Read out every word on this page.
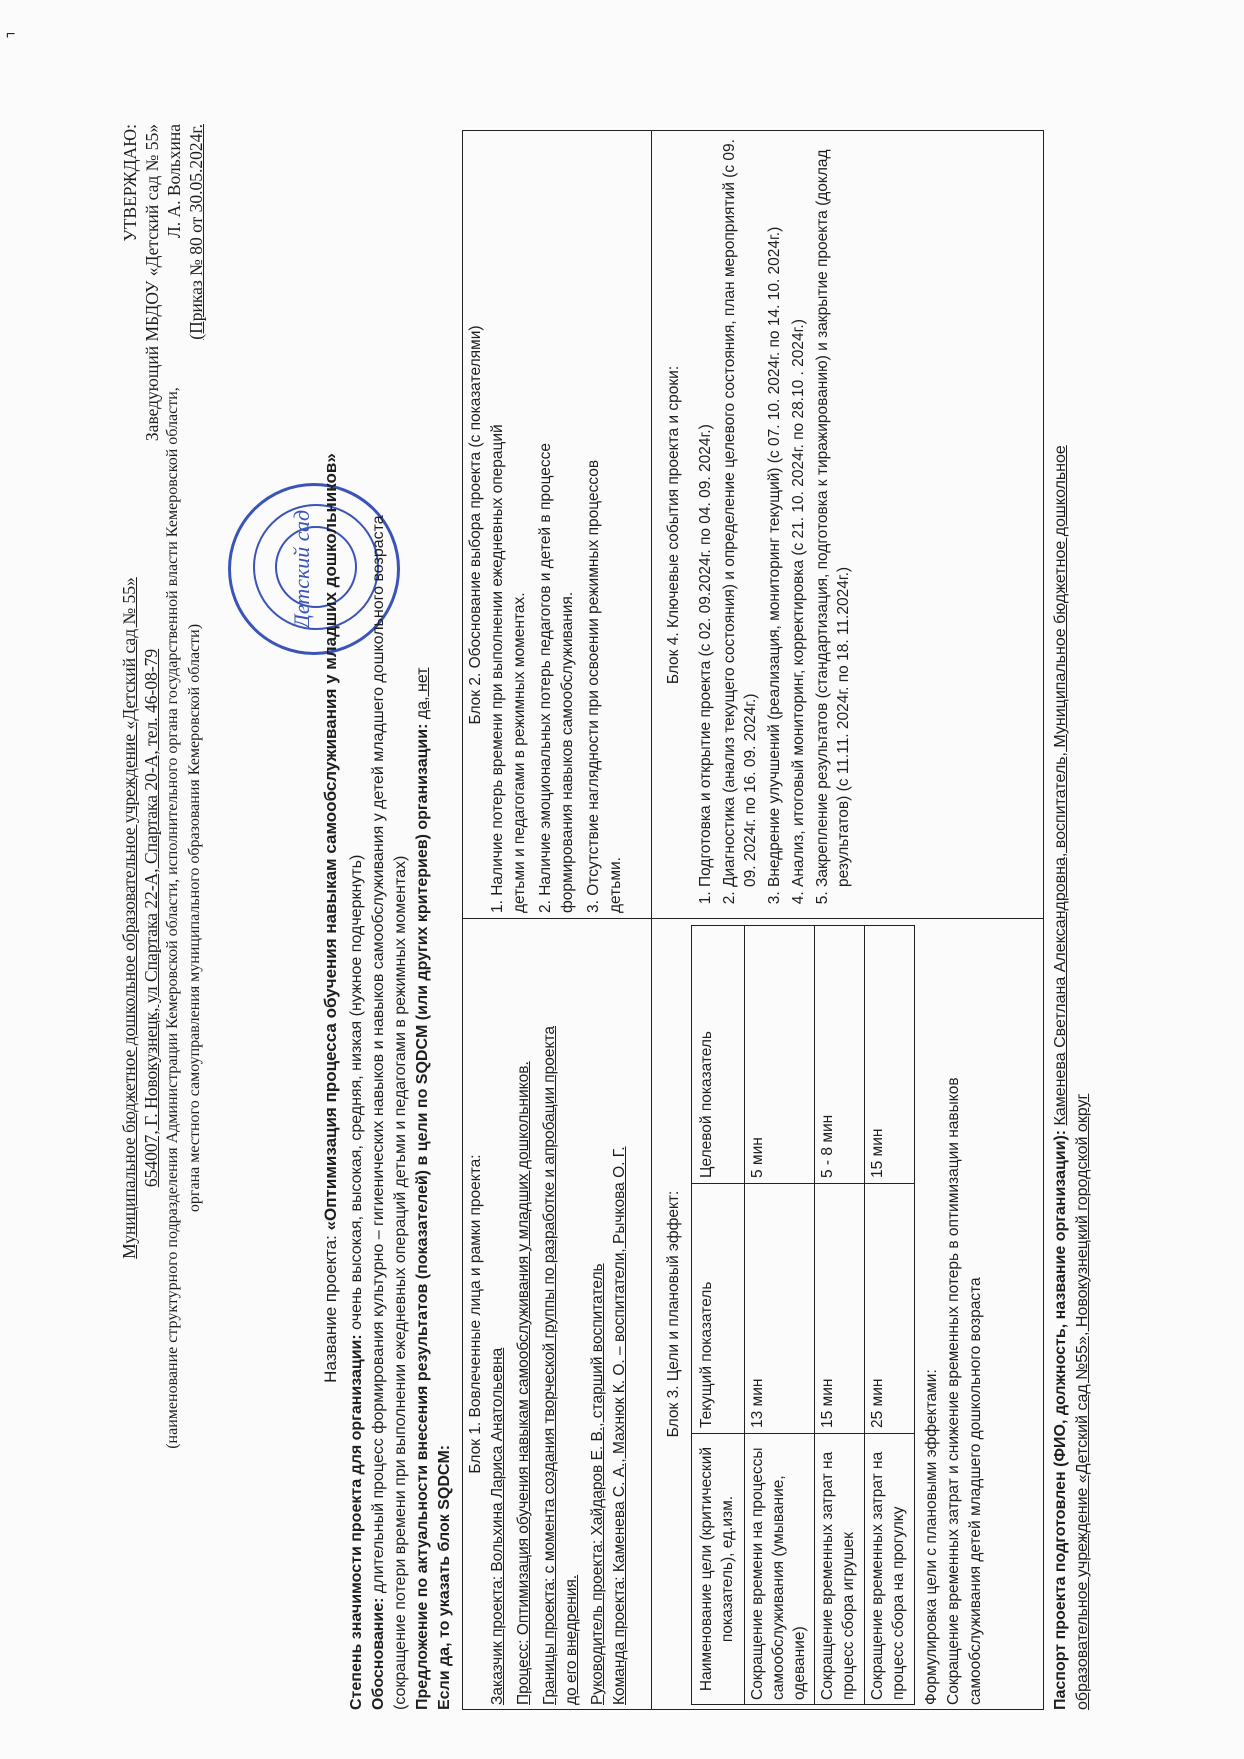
⌐
Муниципальное бюджетное дошкольное образовательное учреждение «Детский сад № 55» 654007, Г. Новокузнецк, ул Спартака 22-А, Спартака 20-А, тел. 46-08-79 (наименование структурного подразделения Администрации Кемеровской области, исполнительного органа государственной власти Кемеровской области, органа местного самоуправления муниципального образования Кемеровской области)
УТВЕРЖДАЮ: Заведующий МБДОУ «Детский сад № 55» Л. А. Вольхина (Приказ № 80 от 30.05.2024г.
Детский сад
Название проекта: «Оптимизация процесса обучения навыкам самообслуживания у младших дошкольников»
Степень значимости проекта для организации: очень высокая, высокая, средняя, низкая (нужное подчеркнуть)
Обоснование: длительный процесс формирования культурно – гигиенических навыков и навыков самообслуживания у детей младшего дошкольного возраста (сокращение потери времени при выполнении ежедневных операций детьми и педагогами в режимных моментах) Предложение по актуальности внесения результатов (показателей) в цели по SQDCM (или других критериев) организации: да, нет
Если да, то указать блок SQDCM:
Блок 1. Вовлеченные лица и рамки проекта:
Заказчик проекта: Вольхина Лариса Анатольевна Процесс: Оптимизация обучения навыкам самообслуживания у младших дошкольников. Границы проекта: с момента создания творческой группы по разработке и апробации проекта до его внедрения. Руководитель проекта: Хайдаров Е. В., старший воспитатель Команда проекта: Каменева С. А., Махнюк К. О. – воспитатели, Рычкова О. Г.
Блок 2. Обоснование выбора проекта (с показателями) 1. Наличие потерь времени при выполнении ежедневных операций детьми и педагогами в режимных моментах. 2. Наличие эмоциональных потерь педагогов и детей в процессе формирования навыков самообслуживания. 3. Отсутствие наглядности при освоении режимных процессов детьми.
Блок 3. Цели и плановый эффект:
Наименование цели (критический показатель), ед.изм.
Текущий показатель
Целевой показатель
Сокращение времени на процессы самообслуживания (умывание, одевание)
13 мин
5 мин
Сокращение временных затрат на процесс сбора игрушек
15 мин
5 - 8 мин
Сокращение временных затрат на процесс сбора на прогулку
25 мин
15 мин
Формулировка цели с плановыми эффектами: Сокращение временных затрат и снижение временных потерь в оптимизации навыков самообслуживания детей младшего дошкольного возраста
Блок 4. Ключевые события проекта и сроки: 1. Подготовка и открытие проекта (с 02. 09.2024г. по 04. 09. 2024г.) 2. Диагностика (анализ текущего состояния) и определение целевого состояния, план мероприятий (с 09. 09. 2024г. по 16. 09. 2024г.) 3. Внедрение улучшений (реализация, мониторинг текущий) (с 07. 10. 2024г. по 14. 10. 2024г.) 4. Анализ, итоговый мониторинг, корректировка (с 21. 10. 2024г. по 28.10 . 2024г.) 5. Закрепление результатов (стандартизация, подготовка к тиражированию) и закрытие проекта (доклад результатов) (с 11.11. 2024г. по 18. 11.2024г.)
Паспорт проекта подготовлен (ФИО, должность, название организации): Каменева Светлана Александровна, воспитатель, Муниципальное бюджетное дошкольное
образовательное учреждение «Детский сад №55», Новокузнецкий городской округ
